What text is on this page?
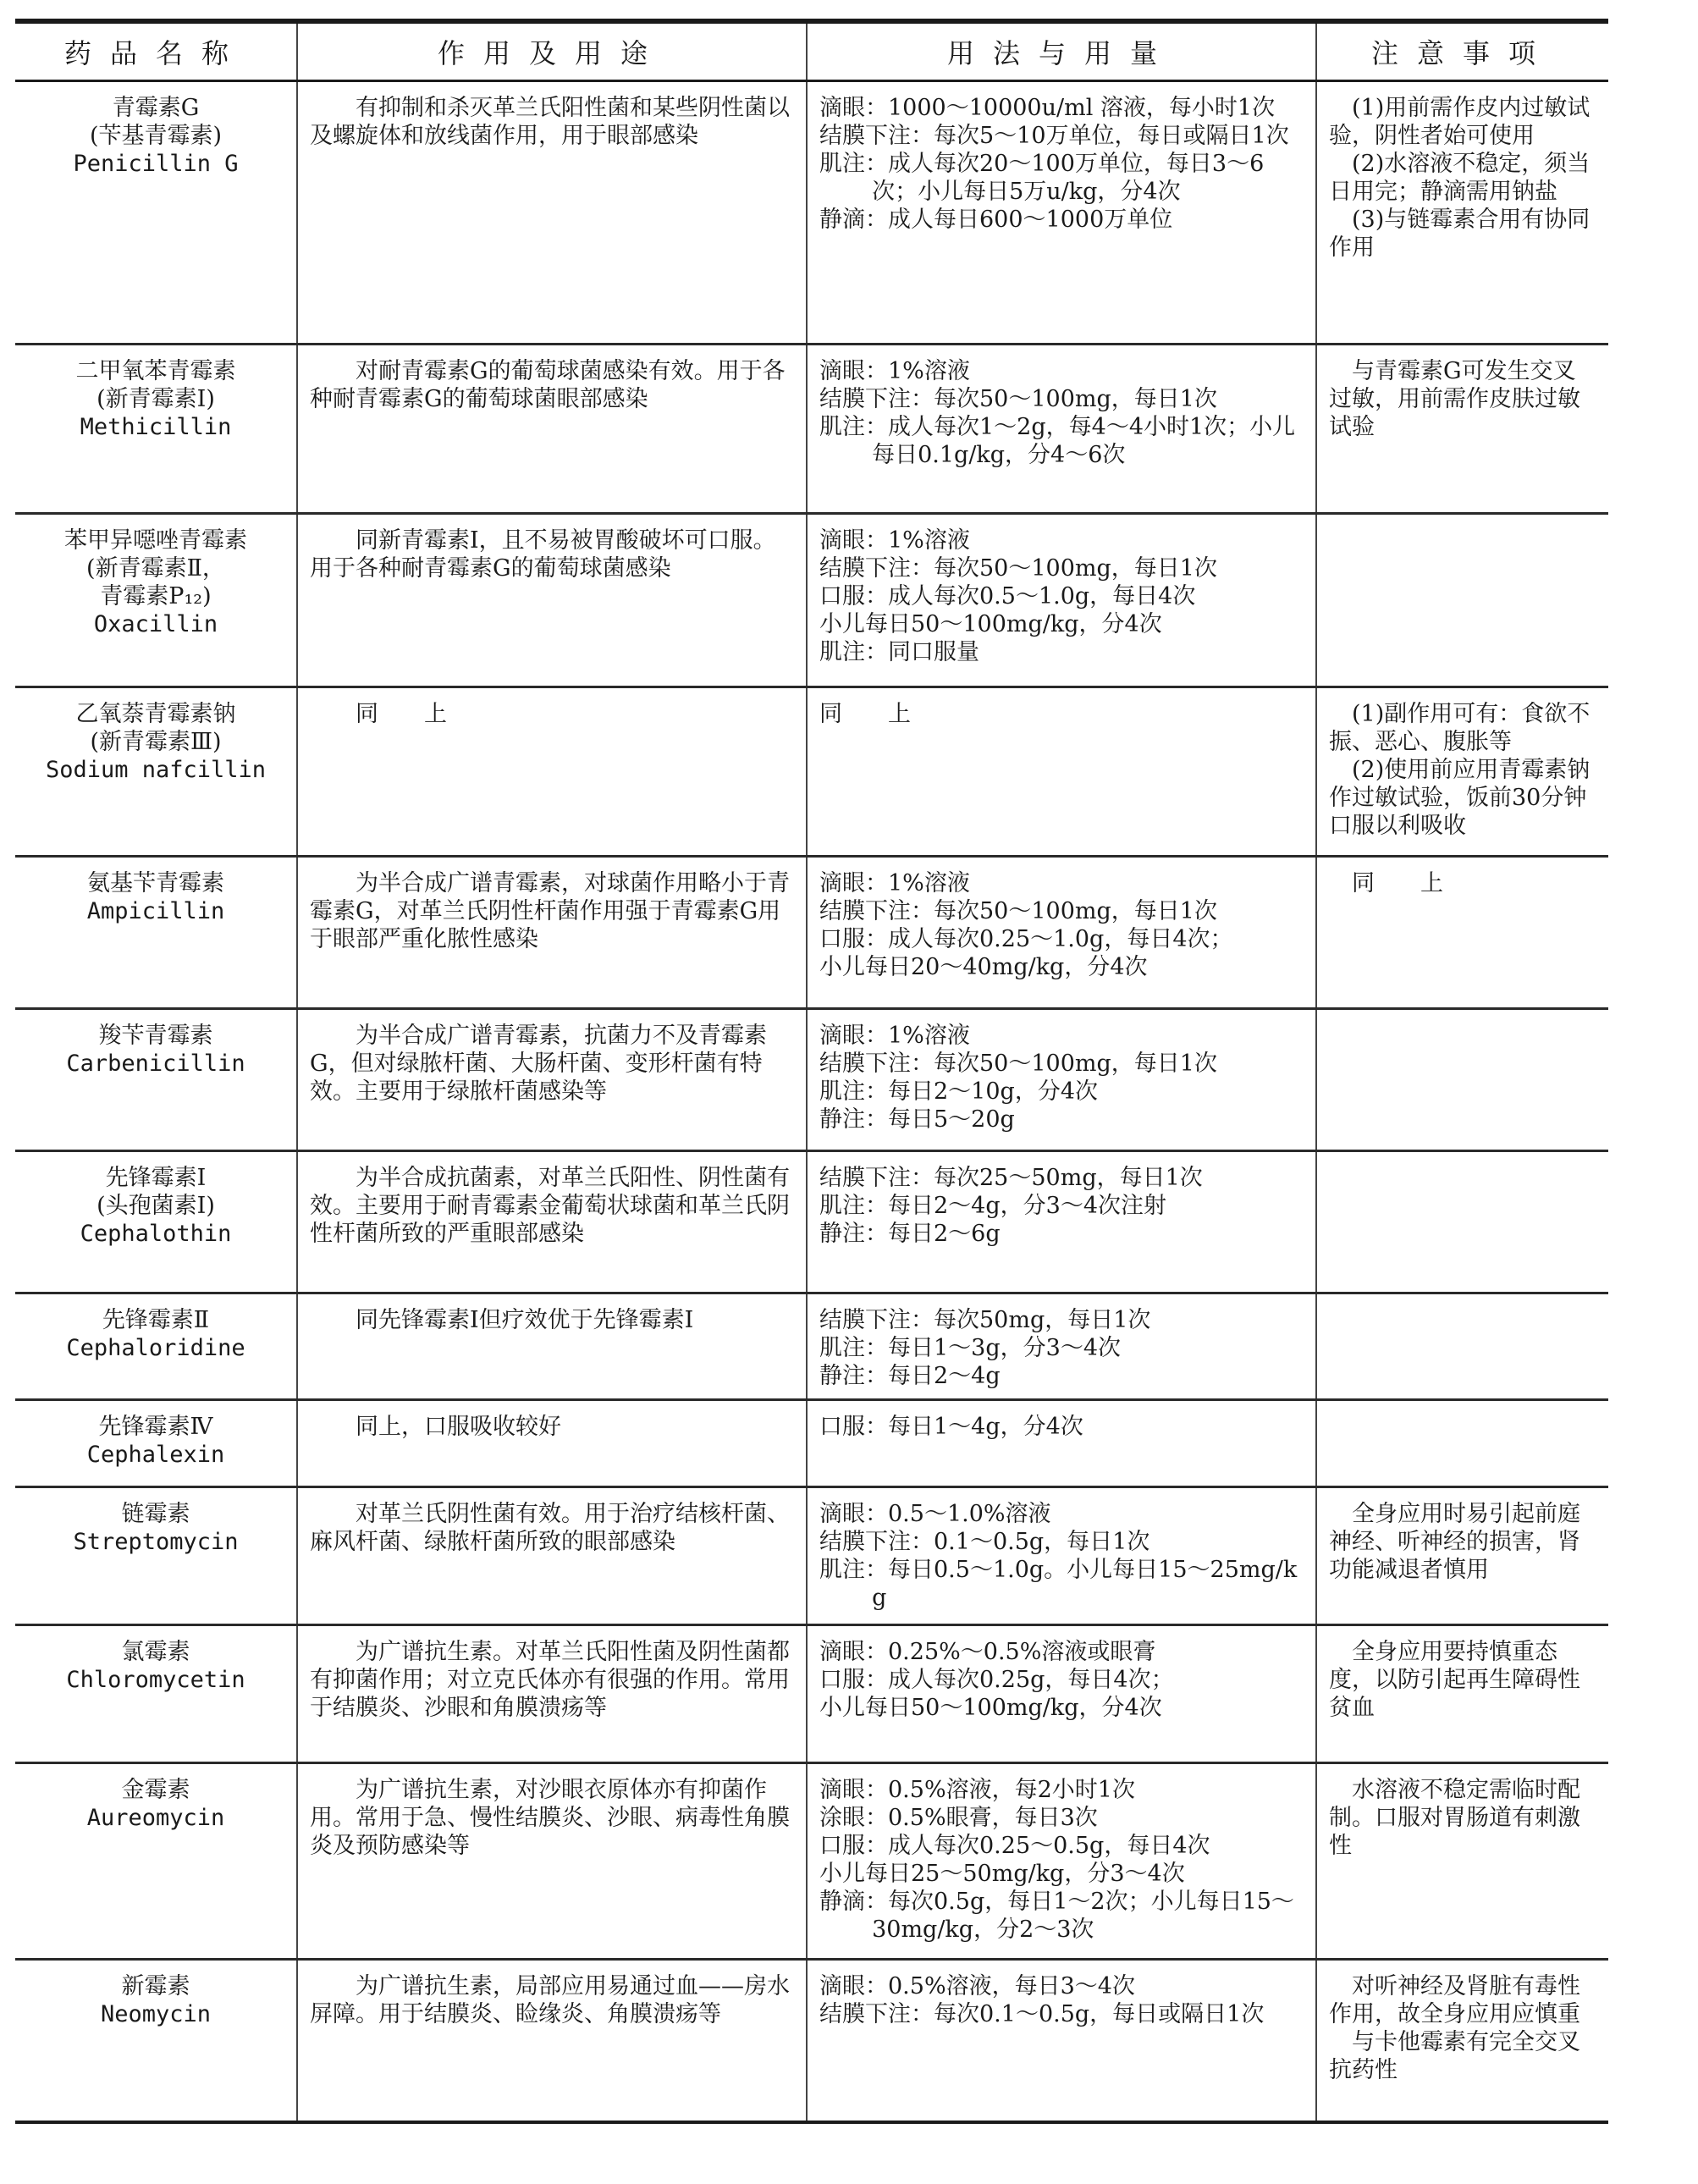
药品名称	作用及用途	用法与用量	注意事项

青霉素G
(苄基青霉素)
Penicillin G	有抑制和杀灭革兰氏阳性菌和某些阴性菌以及螺旋体和放线菌作用，用于眼部感染	滴眼：1000～10000u/ml 溶液，每小时1次
结膜下注：每次5～10万单位，每日或隔日1次
肌注：成人每次20～100万单位，每日3～6次；小儿每日5万u/kg，分4次
静滴：成人每日600～1000万单位	(1)用前需作皮内过敏试验，阴性者始可使用
(2)水溶液不稳定，须当日用完；静滴需用钠盐
(3)与链霉素合用有协同作用

二甲氧苯青霉素
(新青霉素Ⅰ)
Methicillin	对耐青霉素G的葡萄球菌感染有效。用于各种耐青霉素G的葡萄球菌眼部感染	滴眼：1%溶液
结膜下注：每次50～100mg，每日1次
肌注：成人每次1～2g，每4～4小时1次；小儿每日0.1g/kg，分4～6次	与青霉素G可发生交叉过敏，用前需作皮肤过敏试验

苯甲异噁唑青霉素
(新青霉素Ⅱ，
青霉素P₁₂)
Oxacillin	同新青霉素Ⅰ，且不易被胃酸破坏可口服。用于各种耐青霉素G的葡萄球菌感染	滴眼：1%溶液
结膜下注：每次50～100mg，每日1次
口服：成人每次0.5～1.0g，每日4次
小儿每日50～100mg/kg，分4次
肌注：同口服量	

乙氧萘青霉素钠
(新青霉素Ⅲ)
Sodium nafcillin	同　　上	同　　上	(1)副作用可有：食欲不振、恶心、腹胀等
(2)使用前应用青霉素钠作过敏试验，饭前30分钟口服以利吸收

氨基苄青霉素
Ampicillin	为半合成广谱青霉素，对球菌作用略小于青霉素G，对革兰氏阴性杆菌作用强于青霉素G用于眼部严重化脓性感染	滴眼：1%溶液
结膜下注：每次50～100mg，每日1次
口服：成人每次0.25～1.0g，每日4次；
小儿每日20～40mg/kg，分4次	同　　上

羧苄青霉素
Carbenicillin	为半合成广谱青霉素，抗菌力不及青霉素G，但对绿脓杆菌、大肠杆菌、变形杆菌有特效。主要用于绿脓杆菌感染等	滴眼：1%溶液
结膜下注：每次50～100mg，每日1次
肌注：每日2～10g，分4次
静注：每日5～20g	

先锋霉素Ⅰ
(头孢菌素Ⅰ)
Cephalothin	为半合成抗菌素，对革兰氏阳性、阴性菌有效。主要用于耐青霉素金葡萄状球菌和革兰氏阴性杆菌所致的严重眼部感染	结膜下注：每次25～50mg，每日1次
肌注：每日2～4g，分3～4次注射
静注：每日2～6g	

先锋霉素Ⅱ
Cephaloridine	同先锋霉素Ⅰ但疗效优于先锋霉素Ⅰ	结膜下注：每次50mg，每日1次
肌注：每日1～3g，分3～4次
静注：每日2～4g	

先锋霉素Ⅳ
Cephalexin	同上，口服吸收较好	口服：每日1～4g，分4次	

链霉素
Streptomycin	对革兰氏阴性菌有效。用于治疗结核杆菌、麻风杆菌、绿脓杆菌所致的眼部感染	滴眼：0.5～1.0%溶液
结膜下注：0.1～0.5g，每日1次
肌注：每日0.5～1.0g。小儿每日15～25mg/kg	全身应用时易引起前庭神经、听神经的损害，肾功能减退者慎用

氯霉素
Chloromycetin	为广谱抗生素。对革兰氏阳性菌及阴性菌都有抑菌作用；对立克氏体亦有很强的作用。常用于结膜炎、沙眼和角膜溃疡等	滴眼：0.25%～0.5%溶液或眼膏
口服：成人每次0.25g，每日4次；
小儿每日50～100mg/kg，分4次	全身应用要持慎重态度，以防引起再生障碍性贫血

金霉素
Aureomycin	为广谱抗生素，对沙眼衣原体亦有抑菌作用。常用于急、慢性结膜炎、沙眼、病毒性角膜炎及预防感染等	滴眼：0.5%溶液，每2小时1次
涂眼：0.5%眼膏，每日3次
口服：成人每次0.25～0.5g，每日4次
小儿每日25～50mg/kg，分3～4次
静滴：每次0.5g，每日1～2次；小儿每日15～30mg/kg，分2～3次	水溶液不稳定需临时配制。口服对胃肠道有刺激性

新霉素
Neomycin	为广谱抗生素，局部应用易通过血——房水屏障。用于结膜炎、睑缘炎、角膜溃疡等	滴眼：0.5%溶液，每日3～4次
结膜下注：每次0.1～0.5g，每日或隔日1次	对听神经及肾脏有毒性作用，故全身应用应慎重
与卡他霉素有完全交叉抗药性
